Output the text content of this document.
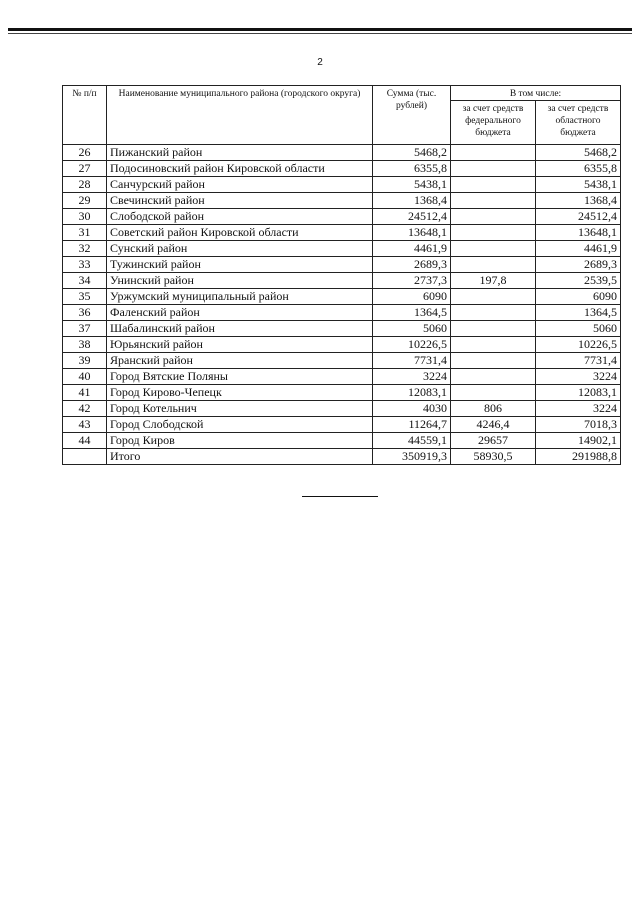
2
№ п/п	Наименование муниципального района (городского округа)	Сумма (тыс. рублей)	В том числе:	
			за счет средств федерального бюджета	за счет средств областного бюджета
26	Пижанский район	5468,2		5468,2
27	Подосиновский район Кировской области	6355,8		6355,8
28	Санчурский район	5438,1		5438,1
29	Свечинский район	1368,4		1368,4
30	Слободской район	24512,4		24512,4
31	Советский район Кировской области	13648,1		13648,1
32	Сунский район	4461,9		4461,9
33	Тужинский район	2689,3		2689,3
34	Унинский район	2737,3	197,8	2539,5
35	Уржумский муниципальный район	6090		6090
36	Фаленский район	1364,5		1364,5
37	Шабалинский район	5060		5060
38	Юрьянский район	10226,5		10226,5
39	Яранский район	7731,4		7731,4
40	Город Вятские Поляны	3224		3224
41	Город Кирово-Чепецк	12083,1		12083,1
42	Город Котельнич	4030	806	3224
43	Город Слободской	11264,7	4246,4	7018,3
44	Город Киров	44559,1	29657	14902,1
	Итого	350919,3	58930,5	291988,8
